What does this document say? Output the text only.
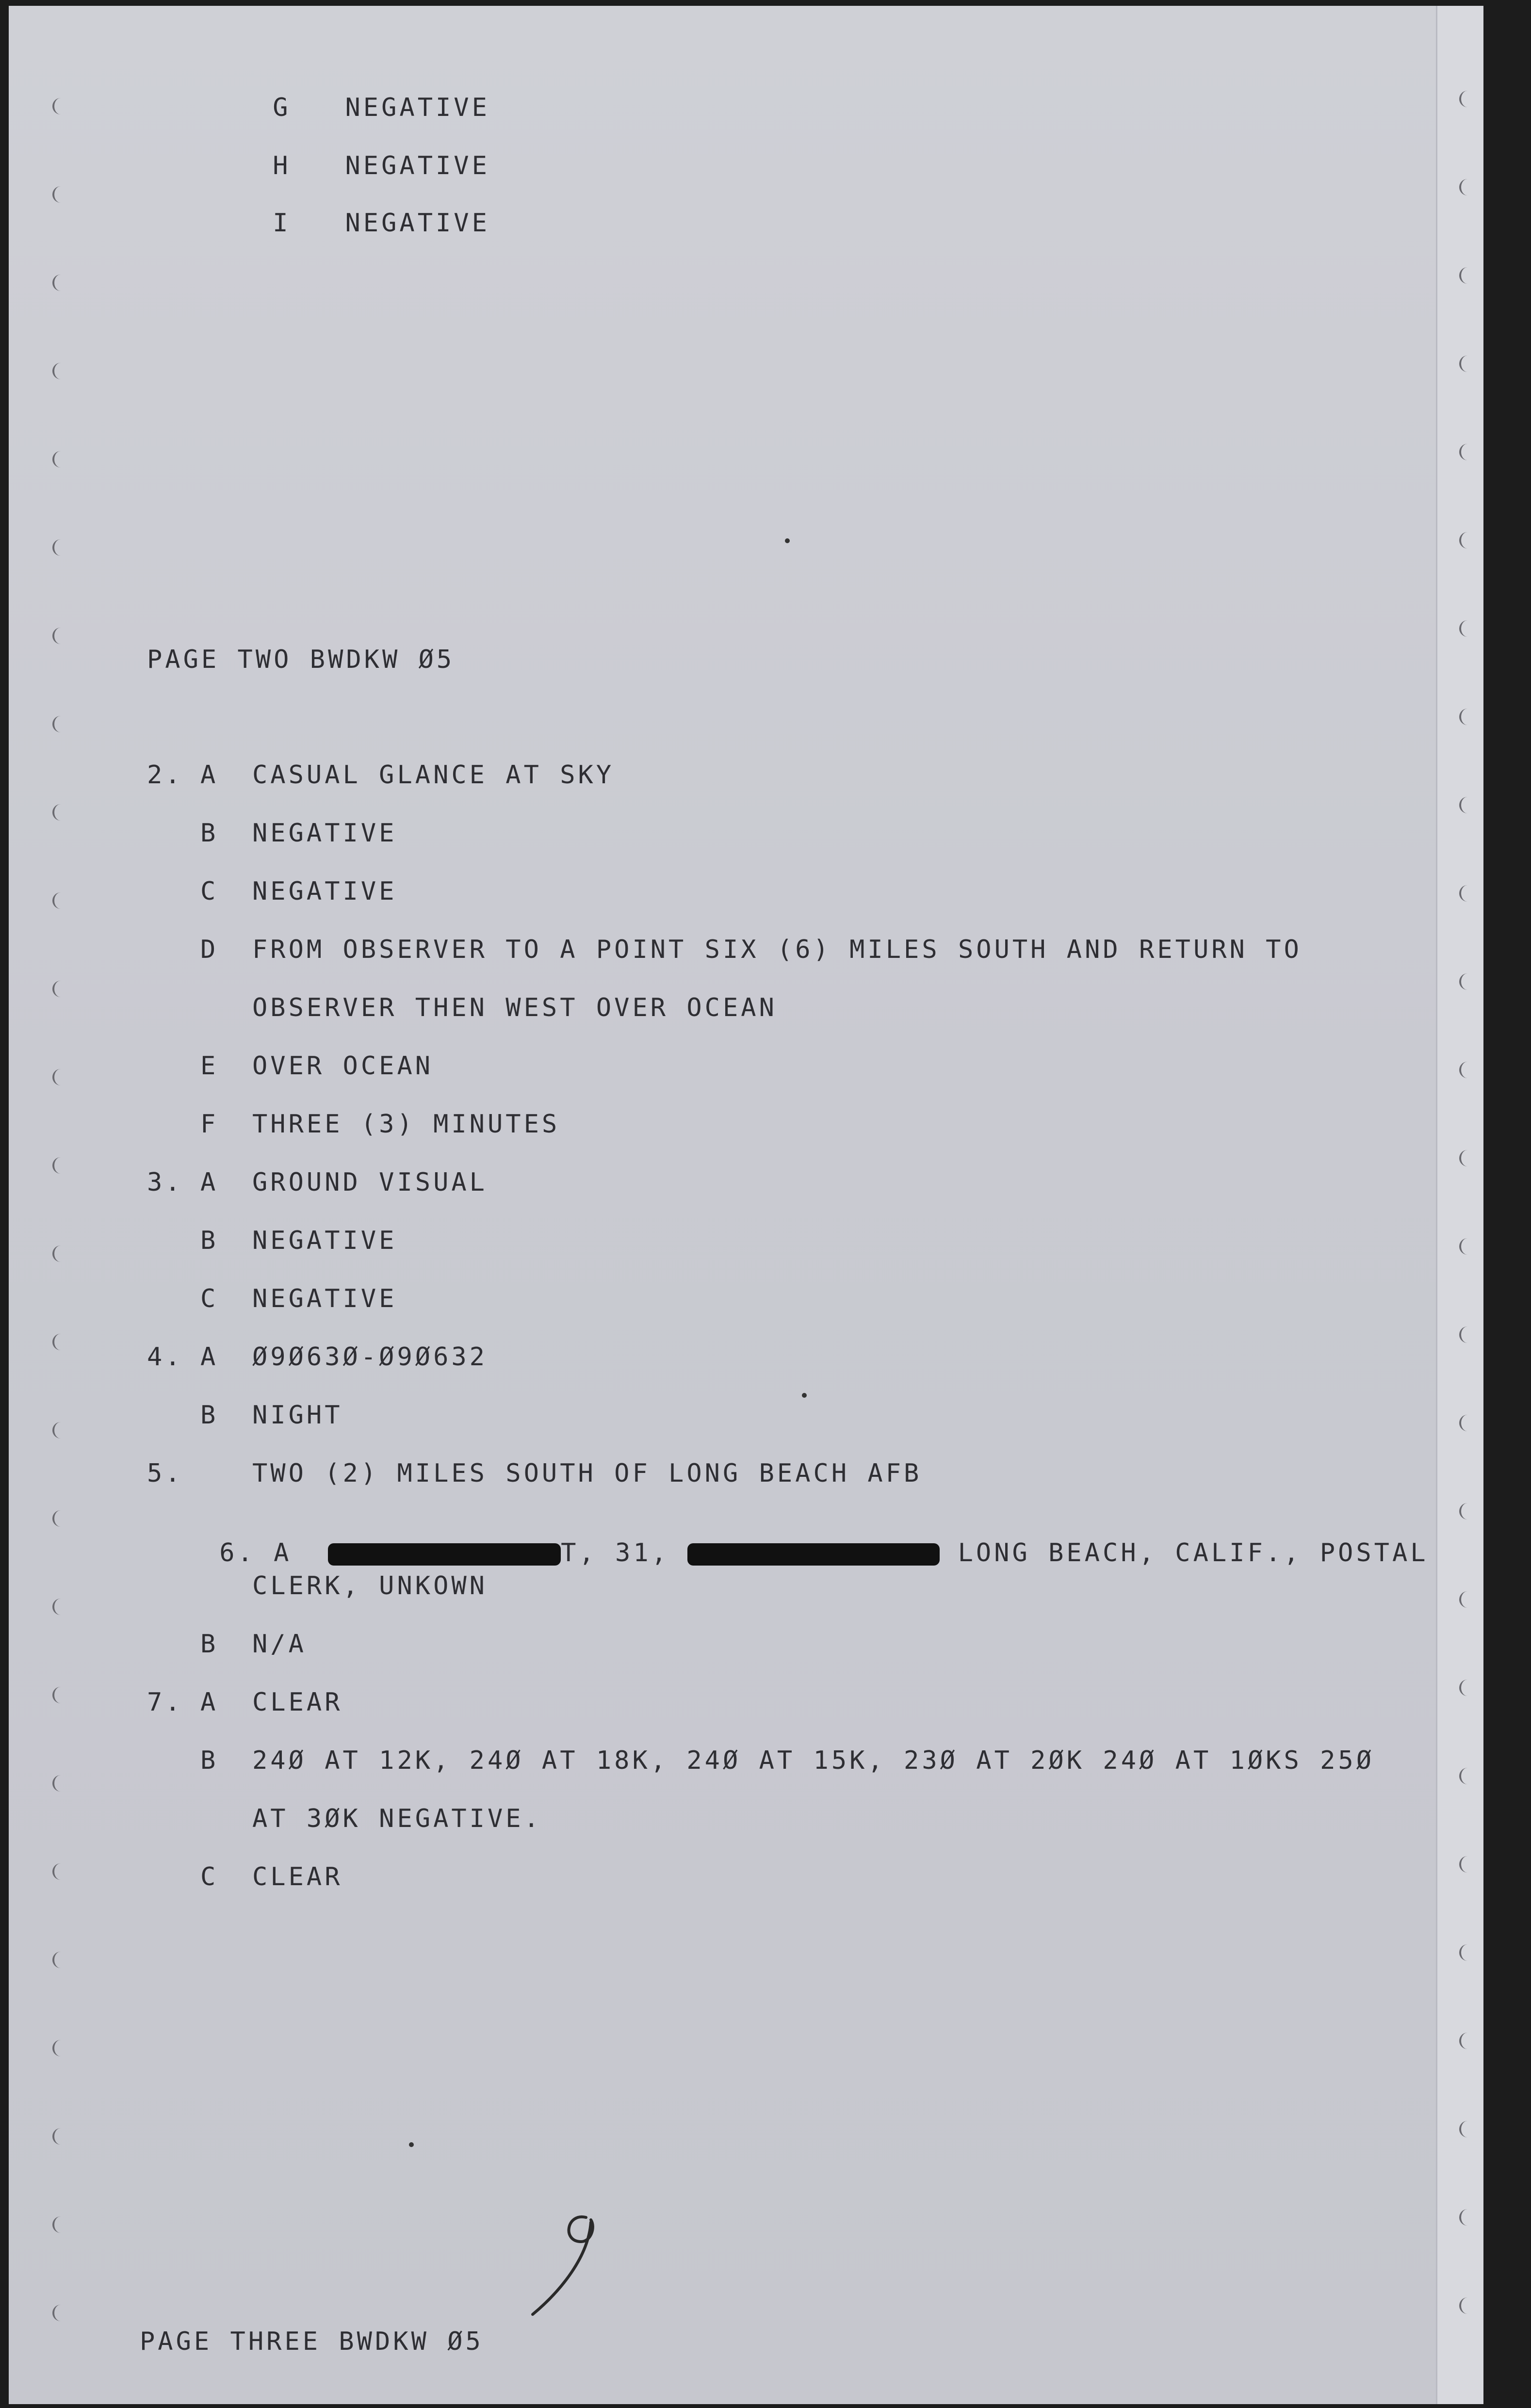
G NEGATIVE

H NEGATIVE

I NEGATIVE

PAGE TWO BWDKW Ø5
2. A CASUAL GLANCE AT SKY
B NEGATIVE
C NEGATIVE
D FROM OBSERVER TO A POINT SIX (6) MILES SOUTH AND RETURN TO
OBSERVER THEN WEST OVER OCEAN
E OVER OCEAN
F THREE (3) MINUTES
3. A GROUND VISUAL
B NEGATIVE
C NEGATIVE
4. A Ø9Ø63Ø-Ø9Ø632
B NIGHT
5.	TWO (2) MILES SOUTH OF LONG BEACH AFB

6. A	T, 31,	LONG BEACH, CALIF., POSTAL

CLERK, UNKOWN
B N/A
7. A CLEAR
B 24Ø AT 12K, 24Ø AT 18K, 24Ø AT 15K, 23Ø AT 2ØK 24Ø AT 1ØKS 25Ø
AT 3ØK NEGATIVE.
C CLEAR
PAGE THREE BWDKW Ø5
